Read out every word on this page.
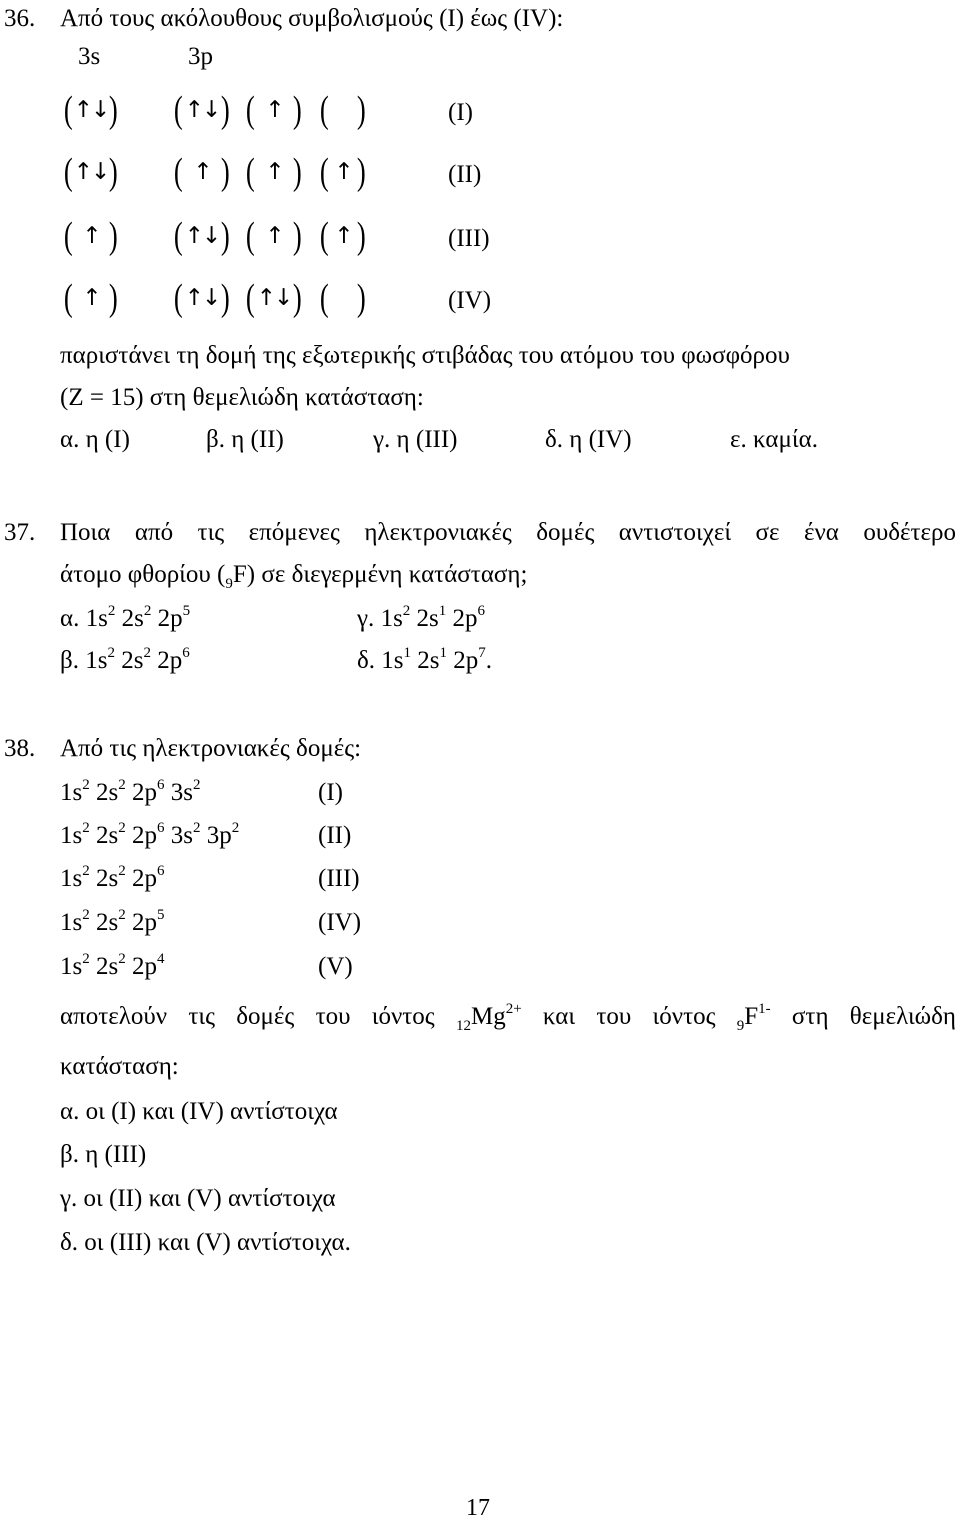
36. Από τους ακόλουθους συμβολισμούς (I) έως (IV):
3s	3p
( ↑↓ ) ( ↑↓ ) ( ↑ ) ( )	(I)
( ↑↓ ) ( ↑ ) ( ↑ ) ( ↑ )	(II)
( ↑ ) ( ↑↓ ) ( ↑ ) ( ↑ )	(III)
( ↑ ) ( ↑↓ ) ( ↑↓ ) ( )	(IV)
παριστάνει τη δομή της εξωτερικής στιβάδας του ατόμου του φωσφόρου
(Z = 15) στη θεμελιώδη κατάσταση:
α. η (I)	β. η (II)	γ. η (III)	δ. η (IV)	ε. καμία.
37. Ποια από τις επόμενες ηλεκτρονιακές δομές αντιστοιχεί σε ένα ουδέτερο
άτομο φθορίου $(_9F)$ σε διεγερμένη κατάσταση;
α. $1s^2$ $2s^2$ $2p^5$	γ. $1s^2$ $2s^1$ $2p^6$
β. $1s^2$ $2s^2$ $2p^6$	δ. $1s^1$ $2s^1$ $2p^7$.
38. Από τις ηλεκτρονιακές δομές:
$1s^2$ $2s^2$ $2p^6$ $3s^2$	(I)
$1s^2$ $2s^2$ $2p^6$ $3s^2$ $3p^2$	(II)
$1s^2$ $2s^2$ $2p^6$	(III)
$1s^2$ $2s^2$ $2p^5$	(IV)
$1s^2$ $2s^2$ $2p^4$	(V)
αποτελούν τις δομές του ιόντος $_{12}Mg^{2+}$ και του ιόντος $_9F^{1-}$ στη θεμελιώδη
κατάσταση:
α. οι (I) και (IV) αντίστοιχα
β. η (III)
γ. οι (II) και (V) αντίστοιχα
δ. οι (III) και (V) αντίστοιχα.
17
